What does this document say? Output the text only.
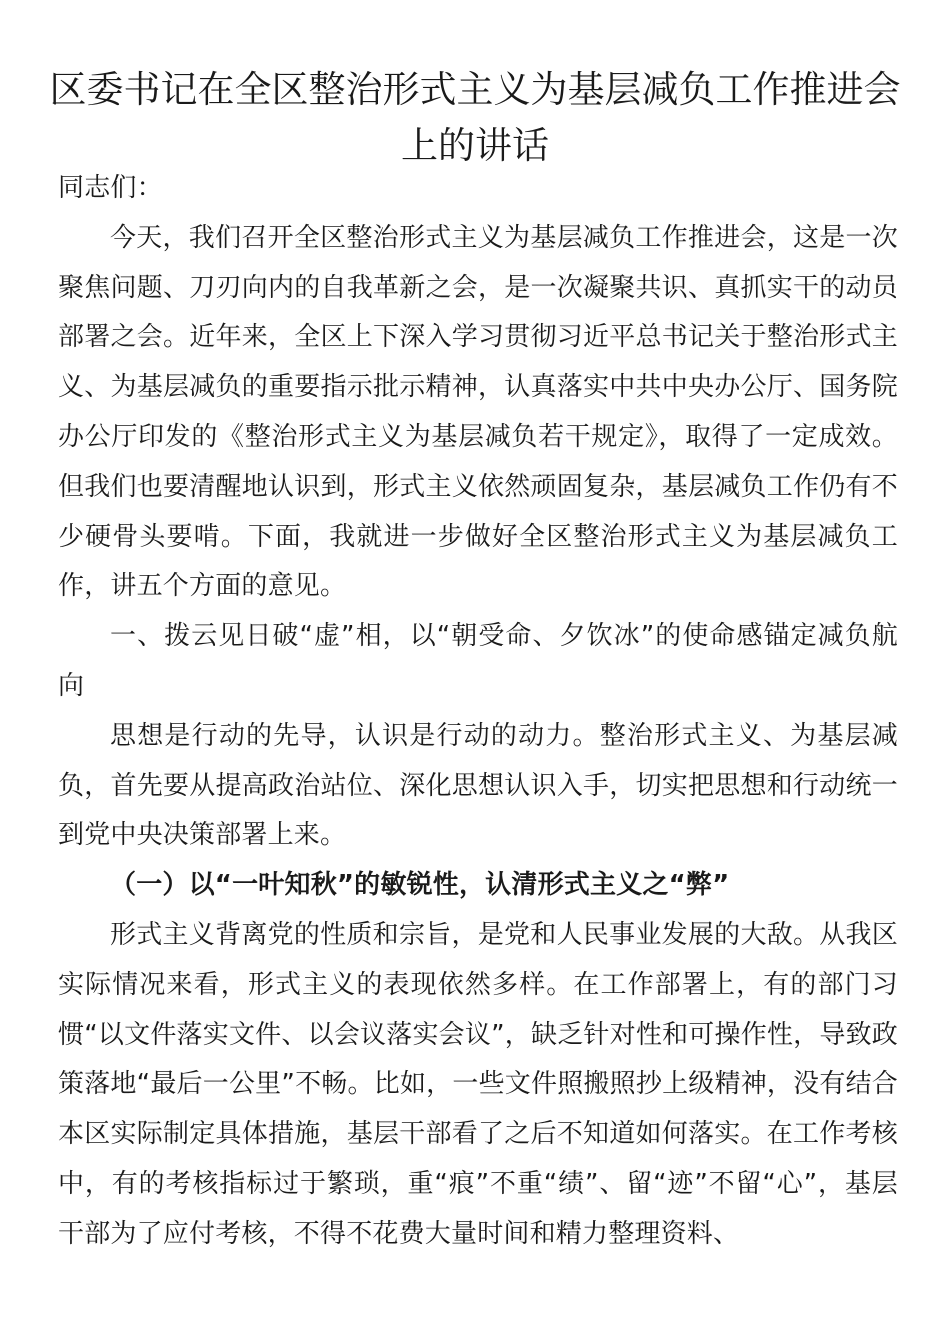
区委书记在全区整治形式主义为基层减负工作推进会上的讲话

同志们：

今天，我们召开全区整治形式主义为基层减负工作推进会，这是一次聚焦问题、刀刃向内的自我革新之会，是一次凝聚共识、真抓实干的动员部署之会。近年来，全区上下深入学习贯彻习近平总书记关于整治形式主义、为基层减负的重要指示批示精神，认真落实中共中央办公厅、国务院办公厅印发的《整治形式主义为基层减负若干规定》，取得了一定成效。但我们也要清醒地认识到，形式主义依然顽固复杂，基层减负工作仍有不少硬骨头要啃。下面，我就进一步做好全区整治形式主义为基层减负工作，讲五个方面的意见。

一、拨云见日破“虚”相，以“朝受命、夕饮冰”的使命感锚定减负航向

思想是行动的先导，认识是行动的动力。整治形式主义、为基层减负，首先要从提高政治站位、深化思想认识入手，切实把思想和行动统一到党中央决策部署上来。

（一）以“一叶知秋”的敏锐性，认清形式主义之“弊”

形式主义背离党的性质和宗旨，是党和人民事业发展的大敌。从我区实际情况来看，形式主义的表现依然多样。在工作部署上，有的部门习惯“以文件落实文件、以会议落实会议”，缺乏针对性和可操作性，导致政策落地“最后一公里”不畅。比如，一些文件照搬照抄上级精神，没有结合本区实际制定具体措施，基层干部看了之后不知道如何落实。在工作考核中，有的考核指标过于繁琐，重“痕”不重“绩”、留“迹”不留“心”，基层干部为了应付考核，不得不花费大量时间和精力整理资料、
